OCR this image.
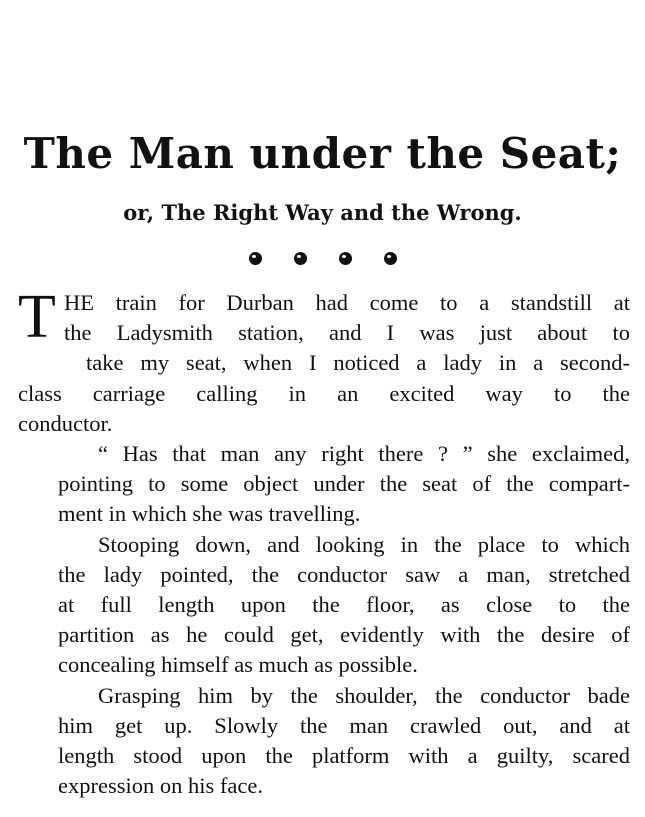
The Man under the Seat;
or, The Right Way and the Wrong.
T HE train for Durban had come to a standstill at
the Ladysmith station, and I was just about to
take my seat, when I noticed a lady in a second-
class carriage calling in an excited way to the
conductor.
“ Has that man any right there ? ” she exclaimed,
pointing to some object under the seat of the compart-
ment in which she was travelling.
Stooping down, and looking in the place to which
the lady pointed, the conductor saw a man, stretched
at full length upon the floor, as close to the
partition as he could get, evidently with the desire of
concealing himself as much as possible.
Grasping him by the shoulder, the conductor bade
him get up. Slowly the man crawled out, and at
length stood upon the platform with a guilty, scared
expression on his face.
